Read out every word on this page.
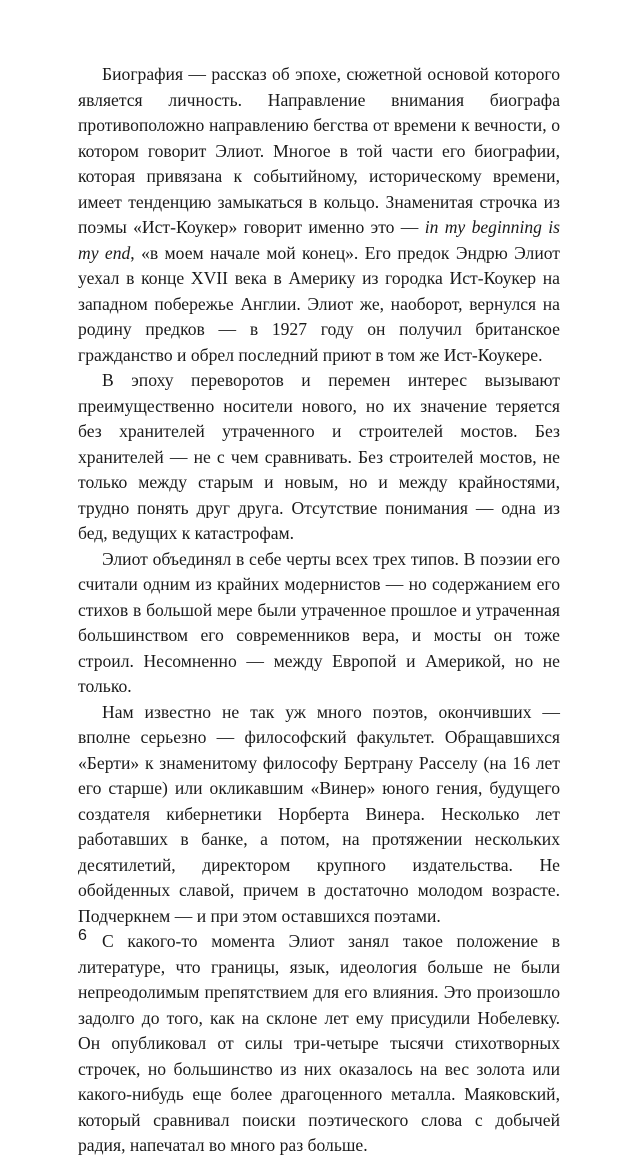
Биография — рассказ об эпохе, сюжетной основой которого является личность. Направление внимания биографа противоположно направлению бегства от времени к вечности, о котором говорит Элиот. Многое в той части его биографии, которая привязана к событийному, историческому времени, имеет тенденцию замыкаться в кольцо. Знаменитая строчка из поэмы «Ист-Коукер» говорит именно это — in my beginning is my end, «в моем начале мой конец». Его предок Эндрю Элиот уехал в конце XVII века в Америку из городка Ист-Коукер на западном побережье Англии. Элиот же, наоборот, вернулся на родину предков — в 1927 году он получил британское гражданство и обрел последний приют в том же Ист-Коукере.

В эпоху переворотов и перемен интерес вызывают преимущественно носители нового, но их значение теряется без хранителей утраченного и строителей мостов. Без хранителей — не с чем сравнивать. Без строителей мостов, не только между старым и новым, но и между крайностями, трудно понять друг друга. Отсутствие понимания — одна из бед, ведущих к катастрофам.

Элиот объединял в себе черты всех трех типов. В поэзии его считали одним из крайних модернистов — но содержанием его стихов в большой мере были утраченное прошлое и утраченная большинством его современников вера, и мосты он тоже строил. Несомненно — между Европой и Америкой, но не только.

Нам известно не так уж много поэтов, окончивших — вполне серьезно — философский факультет. Обращавшихся «Берти» к знаменитому философу Бертрану Расселу (на 16 лет его старше) или окликавшим «Винер» юного гения, будущего создателя кибернетики Норберта Винера. Несколько лет работавших в банке, а потом, на протяжении нескольких десятилетий, директором крупного издательства. Не обойденных славой, причем в достаточно молодом возрасте. Подчеркнем — и при этом оставшихся поэтами.

С какого-то момента Элиот занял такое положение в литературе, что границы, язык, идеология больше не были непреодолимым препятствием для его влияния. Это произошло задолго до того, как на склоне лет ему присудили Нобелевку. Он опубликовал от силы три-четыре тысячи стихотворных строчек, но большинство из них оказалось на вес золота или какого-нибудь еще более драгоценного металла. Маяковский, который сравнивал поиски поэтического слова с добычей радия, напечатал во много раз больше.

6
